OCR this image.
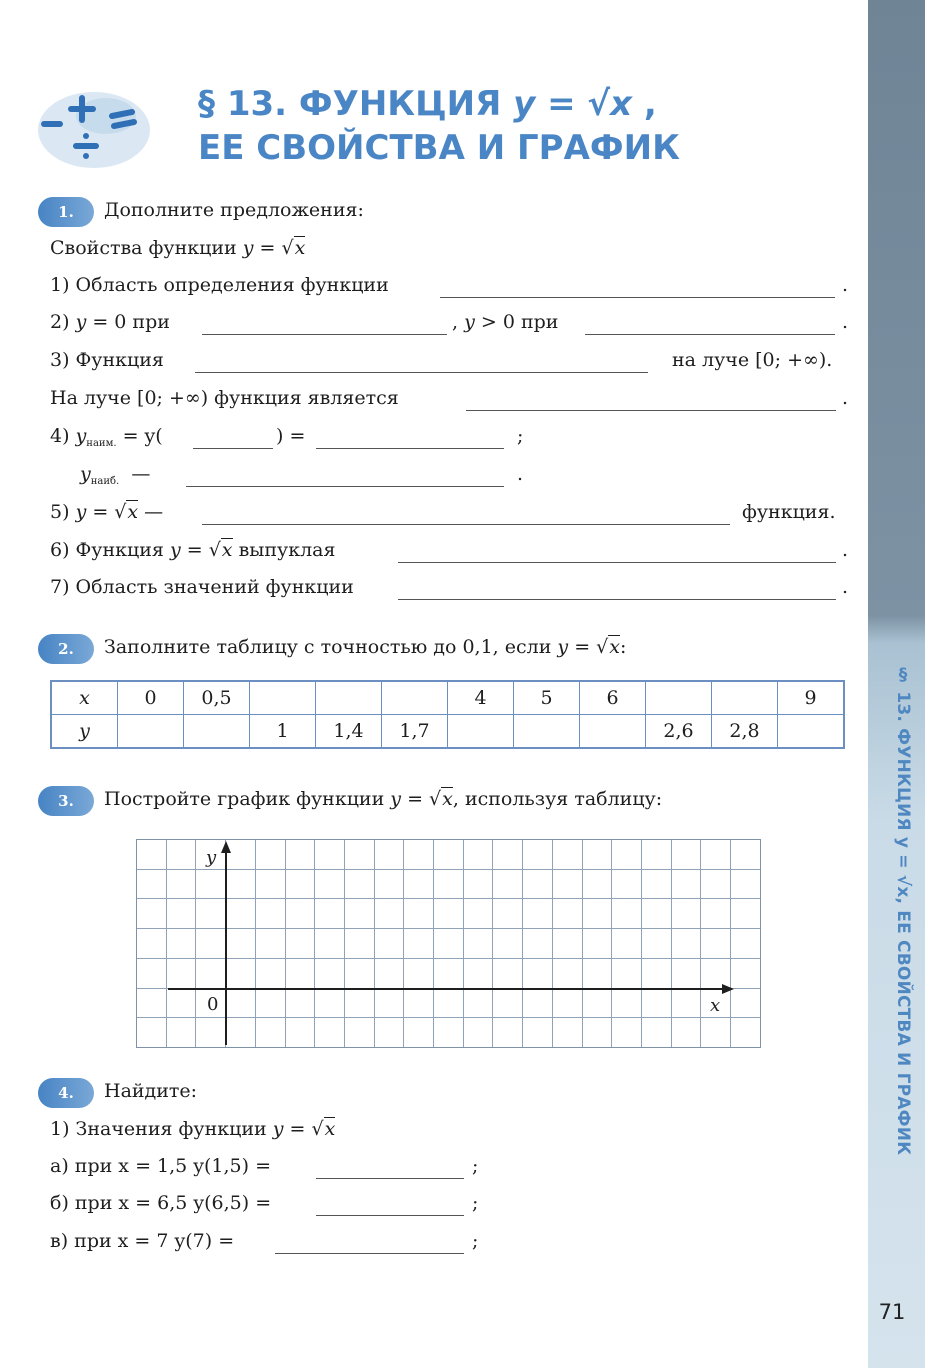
§ 13. ФУНКЦИЯ y = √x, ЕЕ СВОЙСТВА И ГРАФИК
71
§ 13. ФУНКЦИЯ y = √x ,
ЕЕ СВОЙСТВА И ГРАФИК
1.	Дополните предложения:
Свойства функции y = √x
1) Область определения функции	.
2) y = 0 при	, y > 0 при	.
3) Функция	на луче [0; +∞).
На луче [0; +∞) функция является	.
4) $y_{наим.} = y$(	) =	;
$y_{наиб.}$ —	.
5) y = √x —	функция.
6) Функция y = √x выпуклая	.
7) Область значений функции	.
2.	Заполните таблицу с точностью до 0,1, если y = √x:
x	0	0,5				4	5	6			9
y			1	1,4	1,7				2,6	2,8	
3.	Постройте график функции y = √x, используя таблицу:
y
x
0
4.	Найдите:
1) Значения функции y = √x
а) при x = 1,5 y(1,5) =	;
б) при x = 6,5 y(6,5) =	;
в) при x = 7 y(7) =	;
